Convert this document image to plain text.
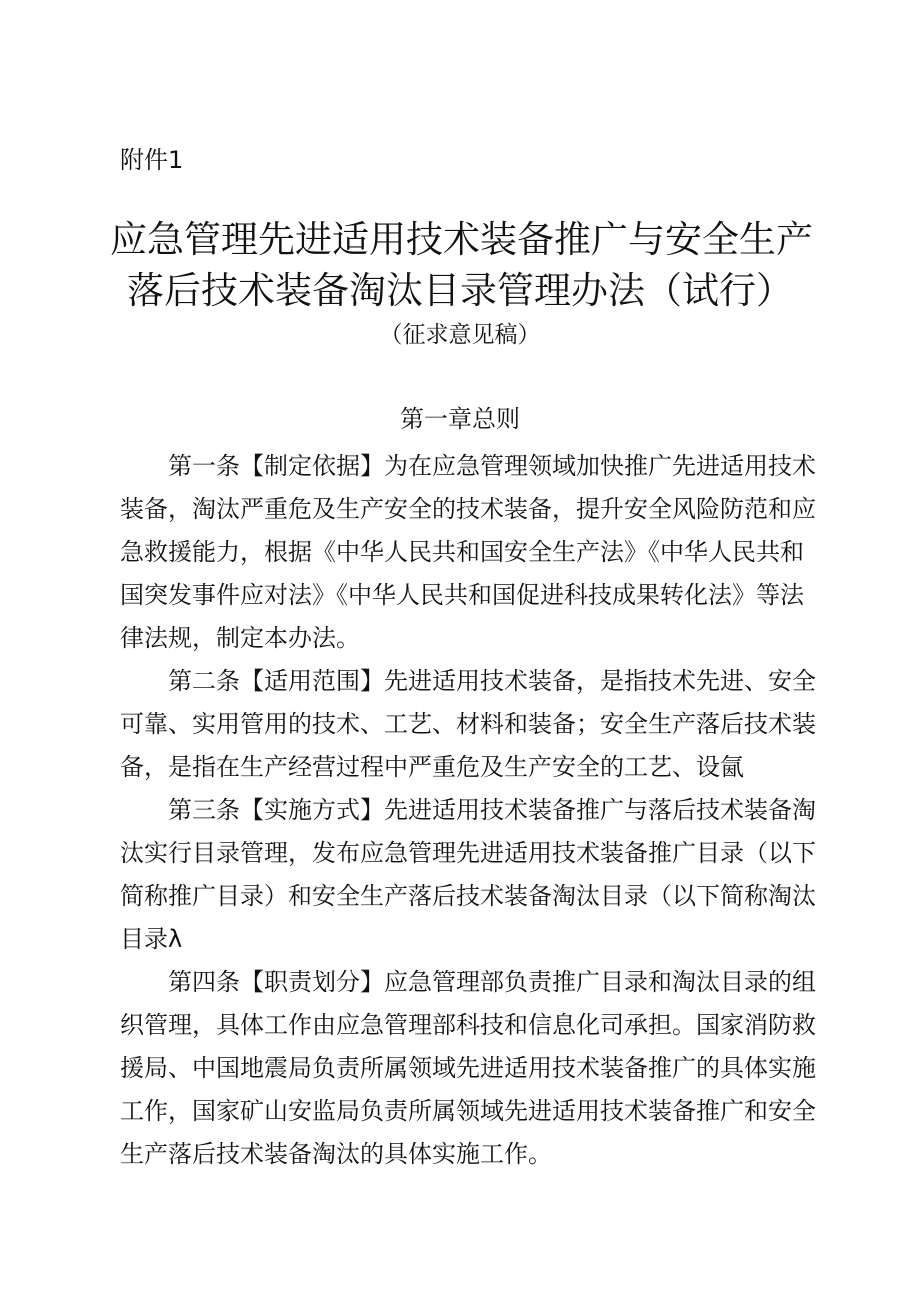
附件1
应急管理先进适用技术装备推广与安全生产
落后技术装备淘汰目录管理办法（试行）
（征求意见稿）
第一章总则
第一条【制定依据】为在应急管理领域加快推广先进适用技术
装备，淘汰严重危及生产安全的技术装备，提升安全风险防范和应
急救援能力，根据《中华人民共和国安全生产法》《中华人民共和
国突发事件应对法》《中华人民共和国促进科技成果转化法》等法
律法规，制定本办法。
第二条【适用范围】先进适用技术装备，是指技术先进、安全
可靠、实用管用的技术、工艺、材料和装备；安全生产落后技术装
备，是指在生产经营过程中严重危及生产安全的工艺、设氤
第三条【实施方式】先进适用技术装备推广与落后技术装备淘
汰实行目录管理，发布应急管理先进适用技术装备推广目录（以下
简称推广目录）和安全生产落后技术装备淘汰目录（以下简称淘汰
目录λ
第四条【职责划分】应急管理部负责推广目录和淘汰目录的组
织管理，具体工作由应急管理部科技和信息化司承担。国家消防救
援局、中国地震局负责所属领域先进适用技术装备推广的具体实施
工作，国家矿山安监局负责所属领域先进适用技术装备推广和安全
生产落后技术装备淘汰的具体实施工作。
